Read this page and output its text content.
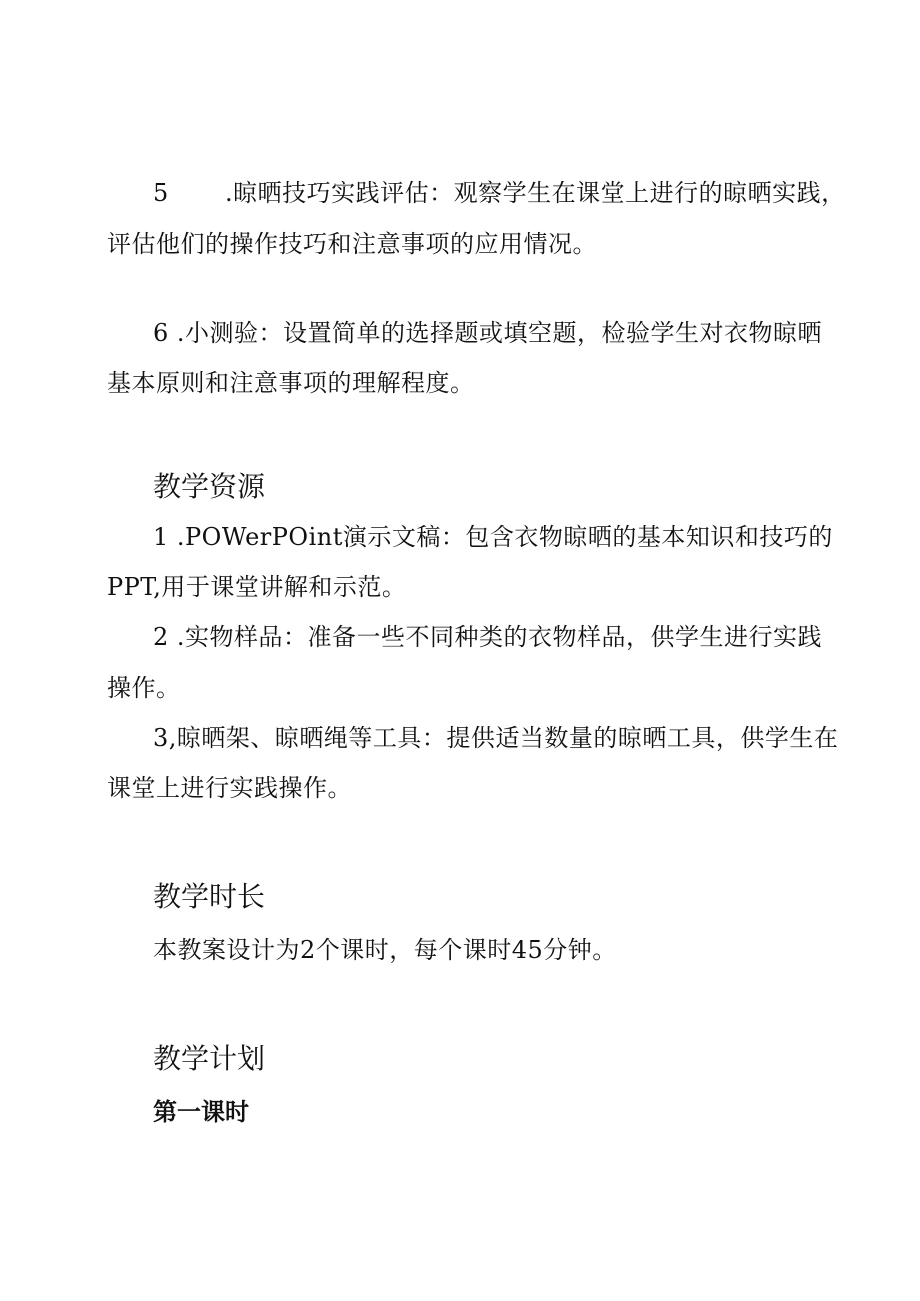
5 .晾晒技巧实践评估：观察学生在课堂上进行的晾晒实践，
评估他们的操作技巧和注意事项的应用情况。
6 .小测验：设置简单的选择题或填空题，检验学生对衣物晾晒
基本原则和注意事项的理解程度。
教学资源
1 .POWerPOint演示文稿：包含衣物晾晒的基本知识和技巧的
PPT,用于课堂讲解和示范。
2 .实物样品：准备一些不同种类的衣物样品，供学生进行实践
操作。
3,晾晒架、晾晒绳等工具：提供适当数量的晾晒工具，供学生在
课堂上进行实践操作。
教学时长
本教案设计为2个课时，每个课时45分钟。
教学计划
第一课时
